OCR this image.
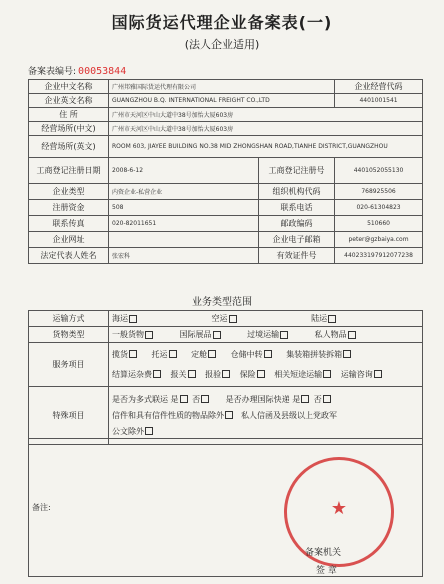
国际货运代理企业备案表(一)
(法人企业适用)
备案表编号: 00053844
企业中文名称	广州邦雅国际货运代理有限公司		企业经营代码
企业英文名称	GUANGZHOU B.Q. INTERNATIONAL FREIGHT CO.,LTD		4401001541
住 所	广州市天河区中山大道中38号加怡大厦603房		
经营场所(中文)	广州市天河区中山大道中38号加怡大厦603房		
经营场所(英文)	ROOM 603, JIAYEE BUILDING NO.38 MID ZHONGSHAN ROAD,TIANHE DISTRICT,GUANGZHOU		
工商登记注册日期	2008-6-12	工商登记注册号	4401052055130
企业类型	内资企业-私营企业	组织机构代码	768925506
注册资金	508	联系电话	020-61304823
联系传真	020-82011651	邮政编码	510660
企业网址		企业电子邮箱	peter@gzbaiya.com
法定代表人姓名	张宏科	有效证件号	440233197912077238
业务类型范围
运输方式	海运 空运 陆运
货物类型	一般货物 国际展品 过境运输 私人物品
服务项目	揽货 托运 定舱 仓储中转 集装箱拼装拆箱
结算运杂费 报关 报验 保险 相关短途运输 运输咨询

特殊项目	是否为多式联运 是 否 是否办理国际快递 是 否
信件和具有信件性质的物品除外 私人信函及县级以上党政军
公文除外
备注:	★
备案机关
签 章
